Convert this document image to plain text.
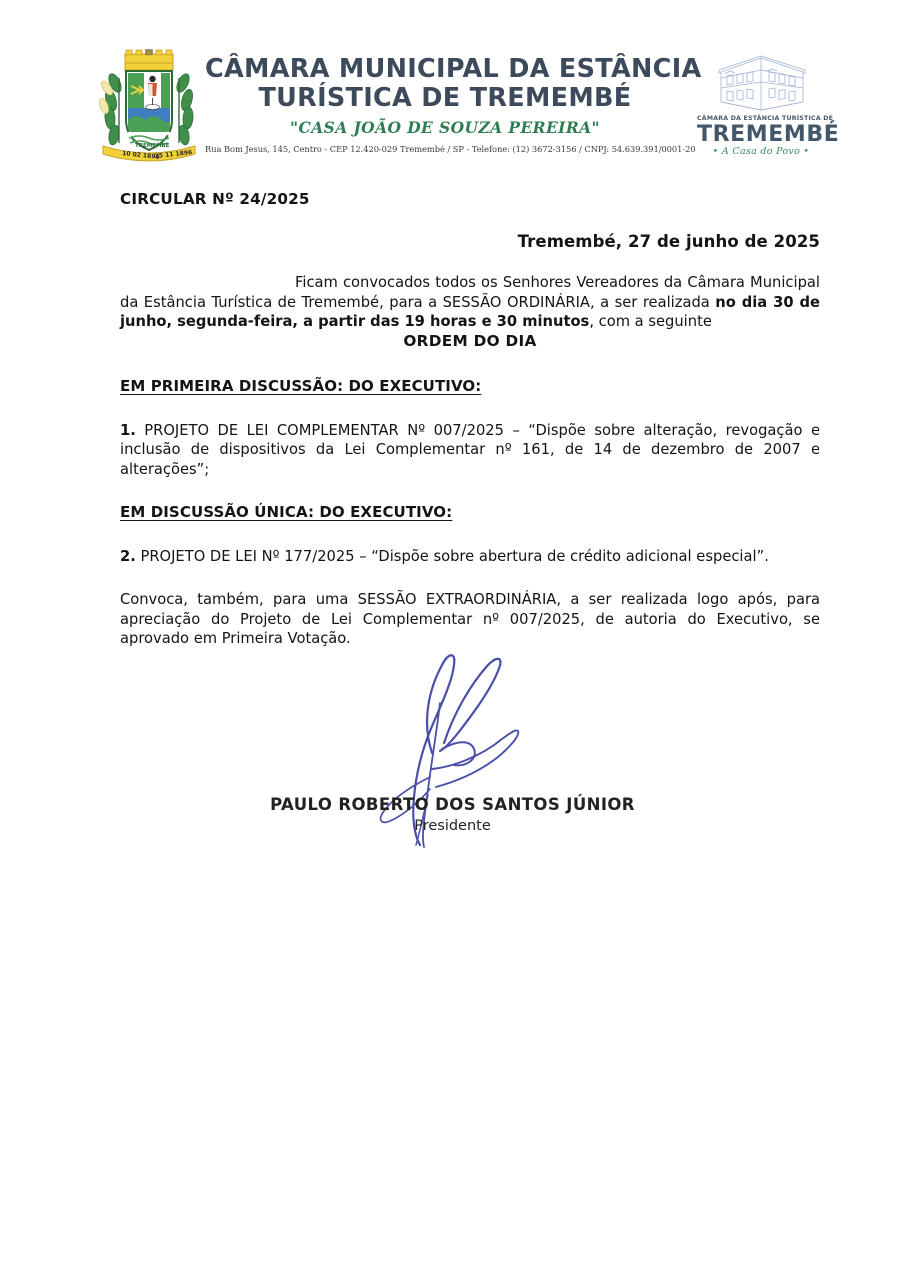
10 02 1896
25 11 1896
TREMEMBÉ
CÂMARA MUNICIPAL DA ESTÂNCIA
TURÍSTICA DE TREMEMBÉ
"CASA JOÃO DE SOUZA PEREIRA"
Rua Bom Jesus, 145, Centro - CEP 12.420-029 Tremembé / SP - Telefone: (12) 3672-3156 / CNPJ: 54.639.391/0001-20
CÂMARA DA ESTÂNCIA TURÍSTICA DE
TREMEMBÉ
• A Casa do Povo •
CIRCULAR Nº 24/2025
Tremembé, 27 de junho de 2025

Ficam convocados todos os Senhores Vereadores da Câmara Municipal da Estância Turística de Tremembé, para a SESSÃO ORDINÁRIA, a ser realizada no dia 30 de junho, segunda-feira, a partir das 19 horas e 30 minutos, com a seguinte

ORDEM DO DIA
EM PRIMEIRA DISCUSSÃO: DO EXECUTIVO:

1. PROJETO DE LEI COMPLEMENTAR Nº 007/2025 – “Dispõe sobre alteração, revogação e inclusão de dispositivos da Lei Complementar nº 161, de 14 de dezembro de 2007 e alterações”;

EM DISCUSSÃO ÚNICA: DO EXECUTIVO:

2. PROJETO DE LEI Nº 177/2025 – “Dispõe sobre abertura de crédito adicional especial”.

Convoca, também, para uma SESSÃO EXTRAORDINÁRIA, a ser realizada logo após, para apreciação do Projeto de Lei Complementar nº 007/2025, de autoria do Executivo, se aprovado em Primeira Votação.

PAULO ROBERTO DOS SANTOS JÚNIOR
Presidente
